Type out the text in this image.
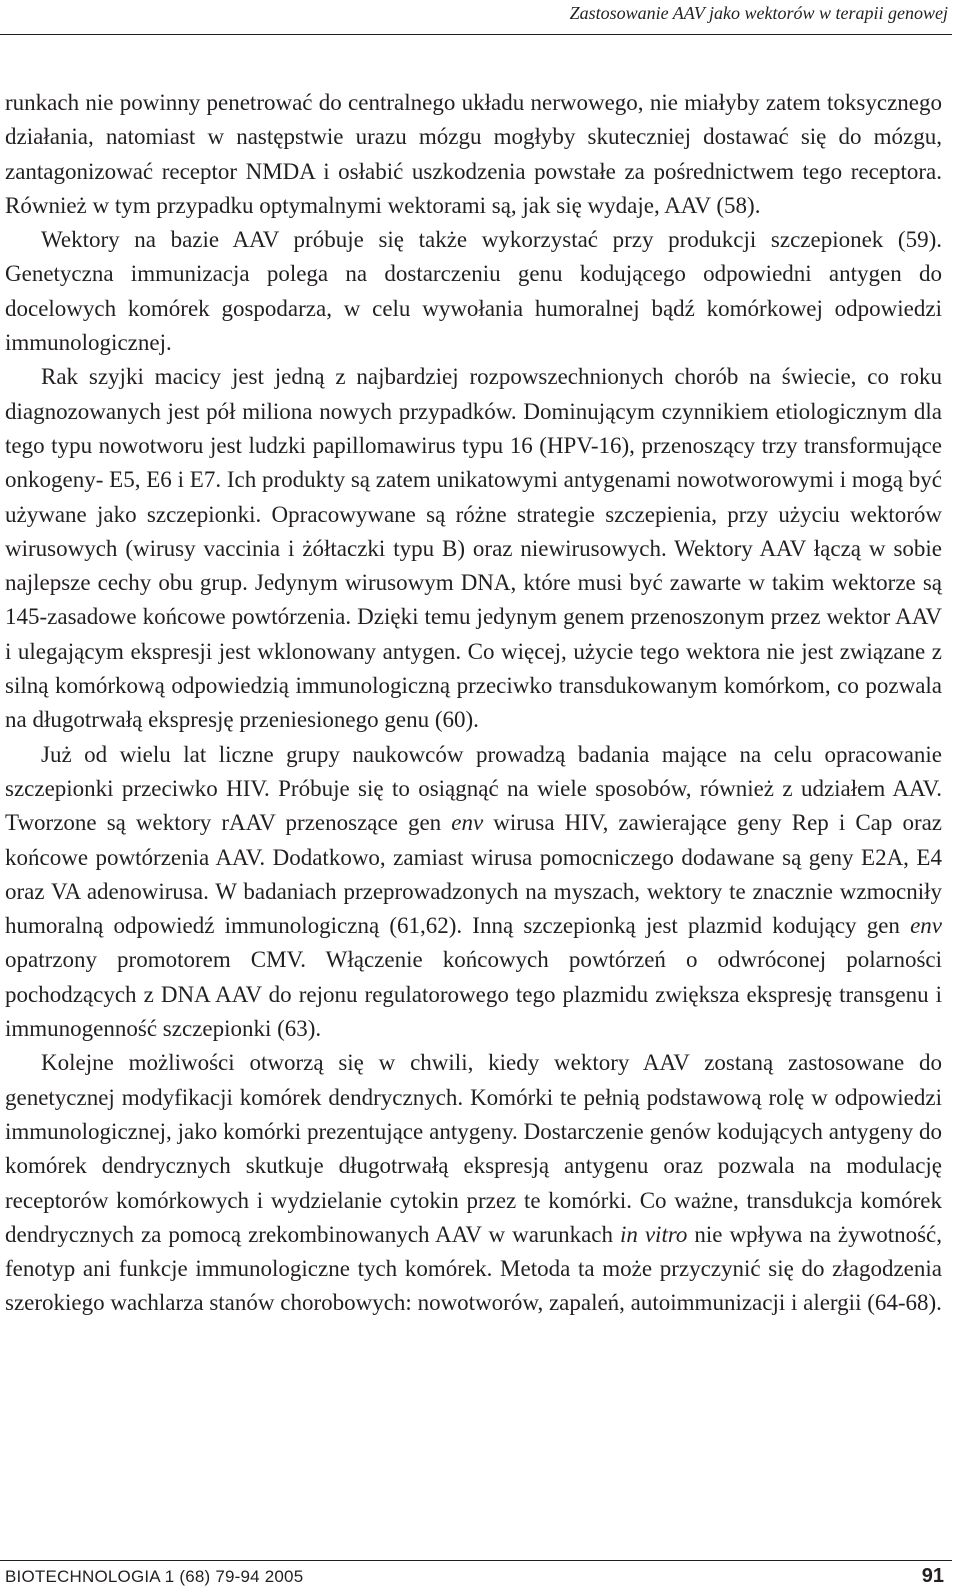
Zastosowanie AAV jako wektorów w terapii genowej

runkach nie powinny penetrować do centralnego układu nerwowego, nie miałyby zatem toksycznego działania, natomiast w następstwie urazu mózgu mogłyby skuteczniej dostawać się do mózgu, zantagonizować receptor NMDA i osłabić uszkodzenia powstałe za pośrednictwem tego receptora. Również w tym przypadku optymalnymi wektorami są, jak się wydaje, AAV (58).

Wektory na bazie AAV próbuje się także wykorzystać przy produkcji szczepionek (59). Genetyczna immunizacja polega na dostarczeniu genu kodującego odpowiedni antygen do docelowych komórek gospodarza, w celu wywołania humoralnej bądź komórkowej odpowiedzi immunologicznej.

Rak szyjki macicy jest jedną z najbardziej rozpowszechnionych chorób na świecie, co roku diagnozowanych jest pół miliona nowych przypadków. Dominującym czynnikiem etiologicznym dla tego typu nowotworu jest ludzki papillomawirus typu 16 (HPV-16), przenoszący trzy transformujące onkogeny- E5, E6 i E7. Ich produkty są zatem unikatowymi antygenami nowotworowymi i mogą być używane jako szczepionki. Opracowywane są różne strategie szczepienia, przy użyciu wektorów wirusowych (wirusy vaccinia i żółtaczki typu B) oraz niewirusowych. Wektory AAV łączą w sobie najlepsze cechy obu grup. Jedynym wirusowym DNA, które musi być zawarte w takim wektorze są 145-zasadowe końcowe powtórzenia. Dzięki temu jedynym genem przenoszonym przez wektor AAV i ulegającym ekspresji jest wklonowany antygen. Co więcej, użycie tego wektora nie jest związane z silną komórkową odpowiedzią immunologiczną przeciwko transdukowanym komórkom, co pozwala na długotrwałą ekspresję przeniesionego genu (60).

Już od wielu lat liczne grupy naukowców prowadzą badania mające na celu opracowanie szczepionki przeciwko HIV. Próbuje się to osiągnąć na wiele sposobów, również z udziałem AAV. Tworzone są wektory rAAV przenoszące gen env wirusa HIV, zawierające geny Rep i Cap oraz końcowe powtórzenia AAV. Dodatkowo, zamiast wirusa pomocniczego dodawane są geny E2A, E4 oraz VA adenowirusa. W badaniach przeprowadzonych na myszach, wektory te znacznie wzmocniły humoralną odpowiedź immunologiczną (61,62). Inną szczepionką jest plazmid kodujący gen env opatrzony promotorem CMV. Włączenie końcowych powtórzeń o odwróconej polarności pochodzących z DNA AAV do rejonu regulatorowego tego plazmidu zwiększa ekspresję transgenu i immunogenność szczepionki (63).

Kolejne możliwości otworzą się w chwili, kiedy wektory AAV zostaną zastosowane do genetycznej modyfikacji komórek dendrycznych. Komórki te pełnią podstawową rolę w odpowiedzi immunologicznej, jako komórki prezentujące antygeny. Dostarczenie genów kodujących antygeny do komórek dendrycznych skutkuje długotrwałą ekspresją antygenu oraz pozwala na modulację receptorów komórkowych i wydzielanie cytokin przez te komórki. Co ważne, transdukcja komórek dendrycznych za pomocą zrekombinowanych AAV w warunkach in vitro nie wpływa na żywotność, fenotyp ani funkcje immunologiczne tych komórek. Metoda ta może przyczynić się do złagodzenia szerokiego wachlarza stanów chorobowych: nowotworów, zapaleń, autoimmunizacji i alergii (64-68).

BIOTECHNOLOGIA 1 (68) 79-94 2005	91
